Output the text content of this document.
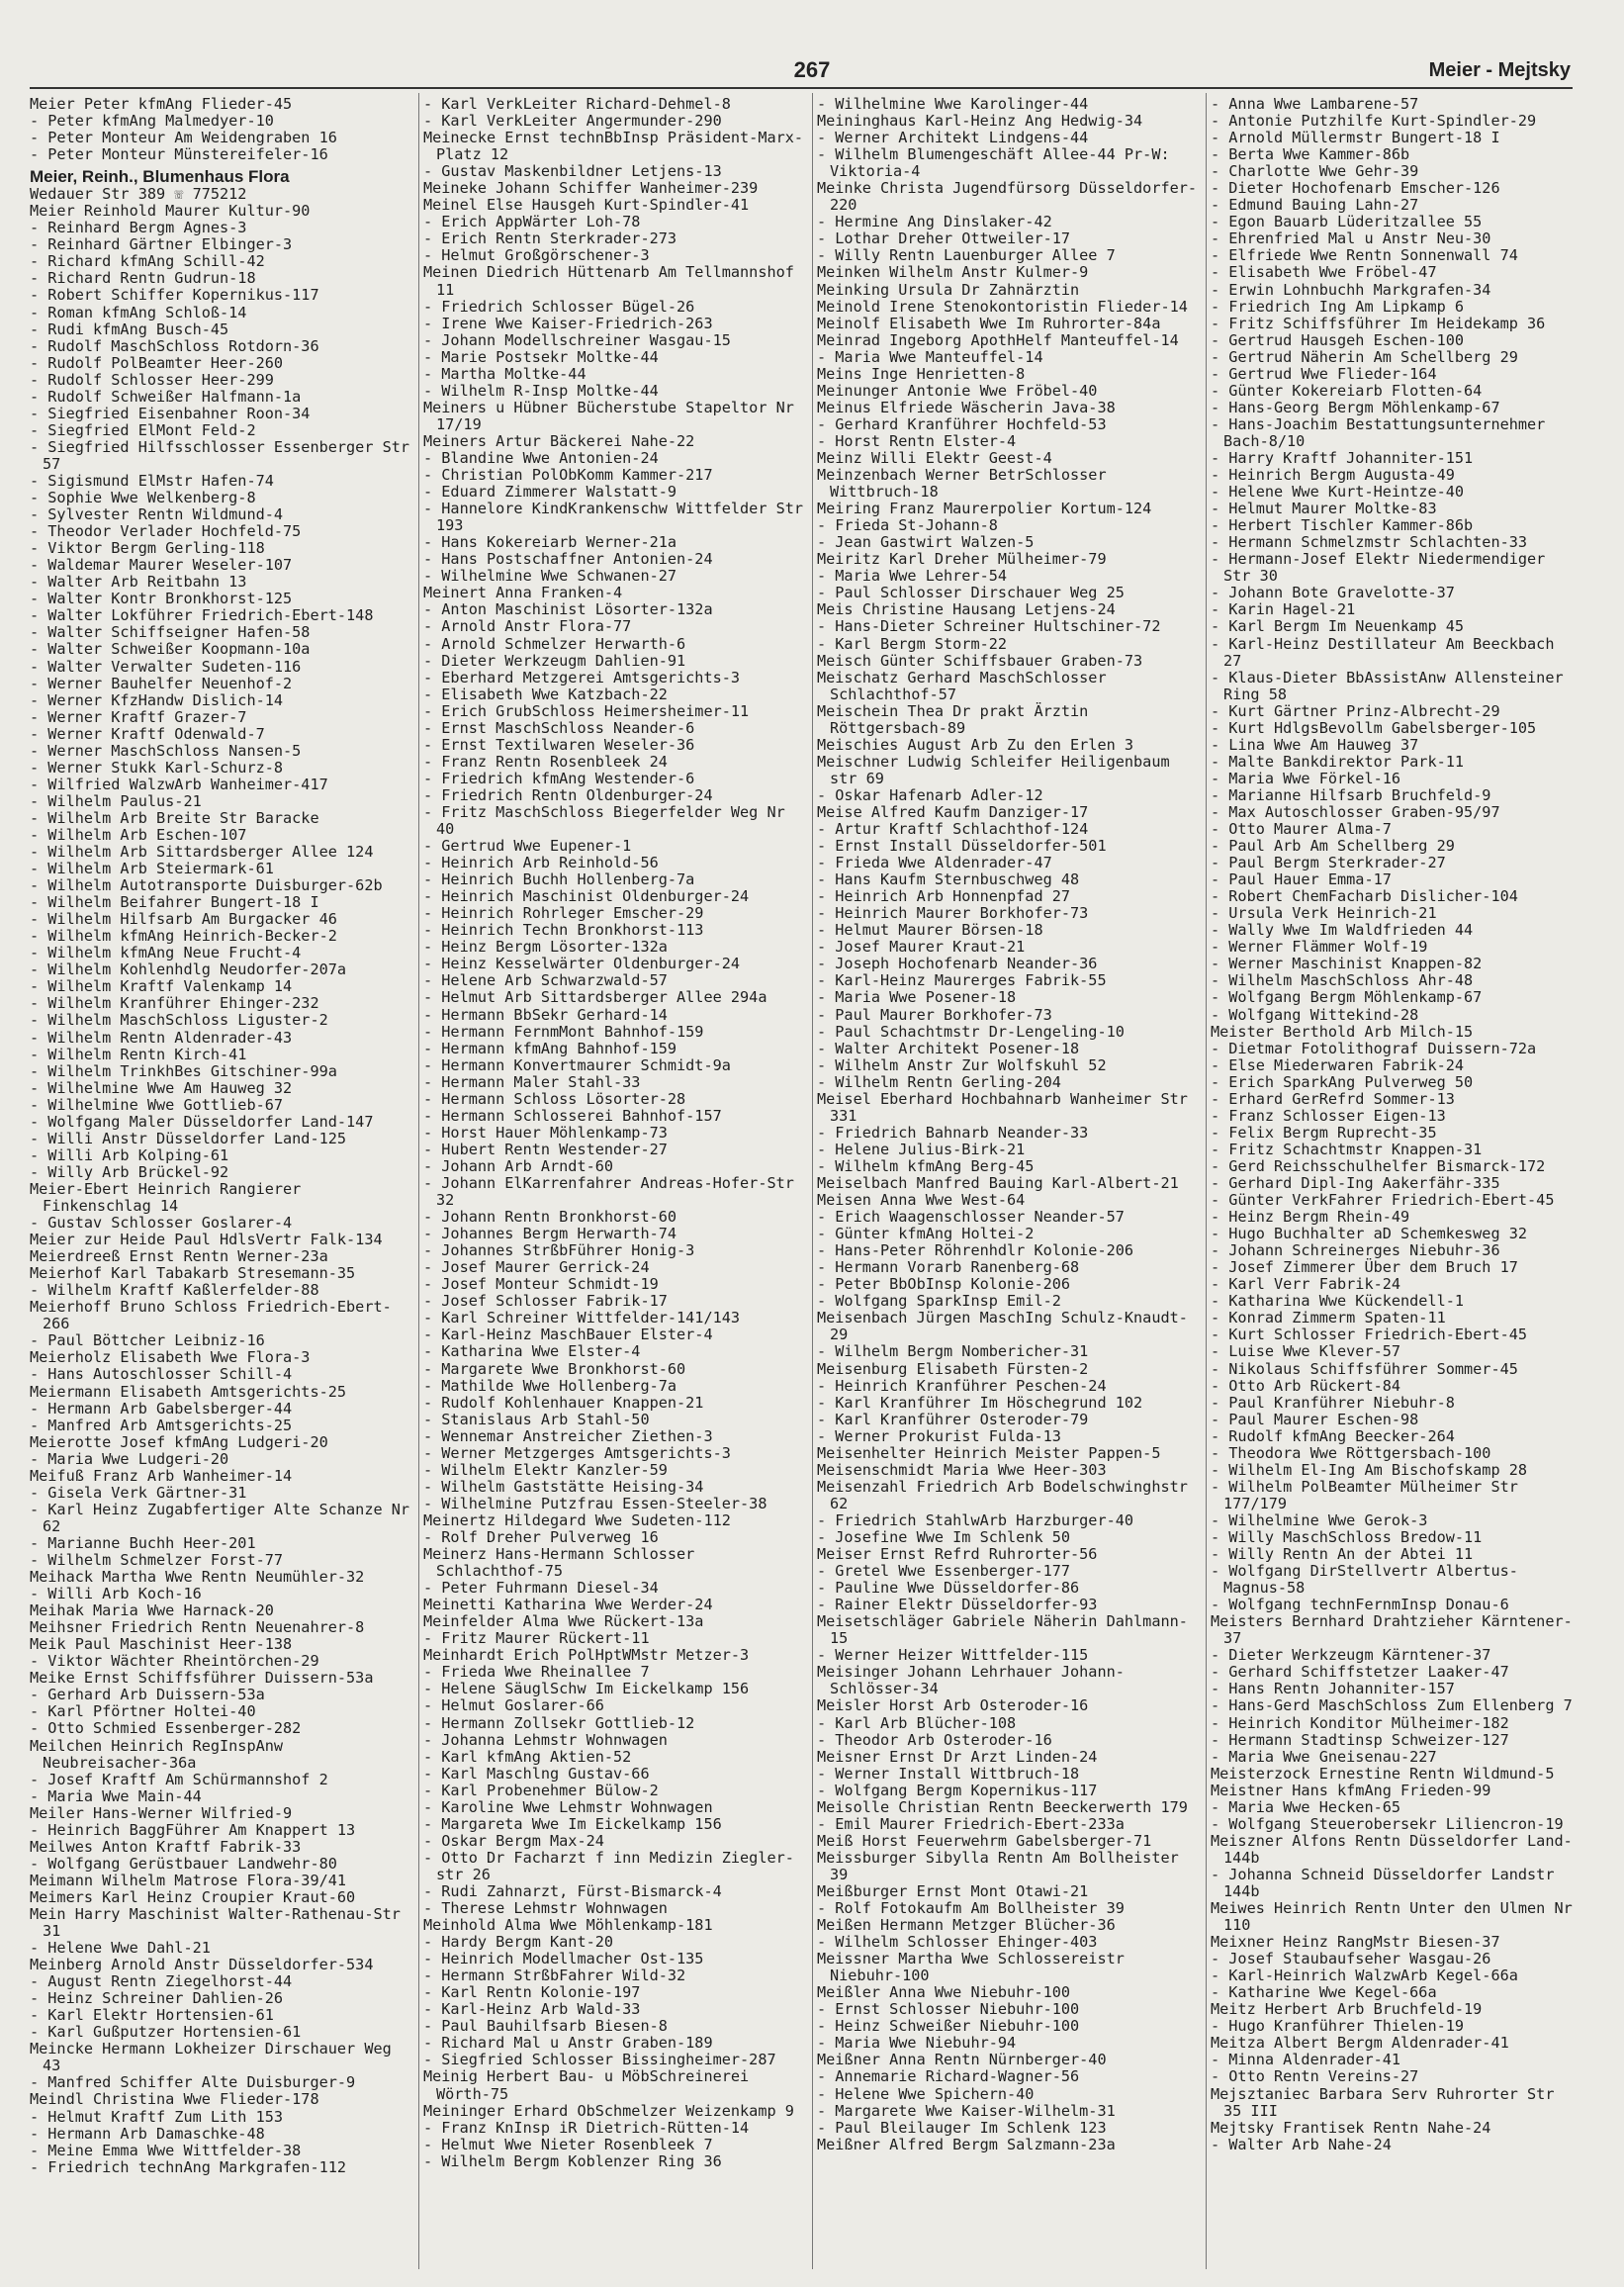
267	Meier - Mejtsky

Meier Peter kfmAng Flieder-45

- Peter kfmAng Malmedyer-10

- Peter Monteur Am Weidengraben 16

- Peter Monteur Münstereifeler-16

Meier, Reinh., Blumenhaus Flora

Wedauer Str 389 ☏ 775212

Meier Reinhold Maurer Kultur-90

- Reinhard Bergm Agnes-3

- Reinhard Gärtner Elbinger-3

- Richard kfmAng Schill-42

- Richard Rentn Gudrun-18

- Robert Schiffer Kopernikus-117

- Roman kfmAng Schloß-14

- Rudi kfmAng Busch-45

- Rudolf MaschSchloss Rotdorn-36

- Rudolf PolBeamter Heer-260

- Rudolf Schlosser Heer-299

- Rudolf Schweißer Halfmann-1a

- Siegfried Eisenbahner Roon-34

- Siegfried ElMont Feld-2

- Siegfried Hilfsschlosser Essenberger Str 57

- Sigismund ElMstr Hafen-74

- Sophie Wwe Welkenberg-8

- Sylvester Rentn Wildmund-4

- Theodor Verlader Hochfeld-75

- Viktor Bergm Gerling-118

- Waldemar Maurer Weseler-107

- Walter Arb Reitbahn 13

- Walter Kontr Bronkhorst-125

- Walter Lokführer Friedrich-Ebert-148

- Walter Schiffseigner Hafen-58

- Walter Schweißer Koopmann-10a

- Walter Verwalter Sudeten-116

- Werner Bauhelfer Neuenhof-2

- Werner KfzHandw Dislich-14

- Werner Kraftf Grazer-7

- Werner Kraftf Odenwald-7

- Werner MaschSchloss Nansen-5

- Werner Stukk Karl-Schurz-8

- Wilfried WalzwArb Wanheimer-417

- Wilhelm Paulus-21

- Wilhelm Arb Breite Str Baracke

- Wilhelm Arb Eschen-107

- Wilhelm Arb Sittardsberger Allee 124

- Wilhelm Arb Steiermark-61

- Wilhelm Autotransporte Duisburger-62b

- Wilhelm Beifahrer Bungert-18 I

- Wilhelm Hilfsarb Am Burgacker 46

- Wilhelm kfmAng Heinrich-Becker-2

- Wilhelm kfmAng Neue Frucht-4

- Wilhelm Kohlenhdlg Neudorfer-207a

- Wilhelm Kraftf Valenkamp 14

- Wilhelm Kranführer Ehinger-232

- Wilhelm MaschSchloss Liguster-2

- Wilhelm Rentn Aldenrader-43

- Wilhelm Rentn Kirch-41

- Wilhelm TrinkhBes Gitschiner-99a

- Wilhelmine Wwe Am Hauweg 32

- Wilhelmine Wwe Gottlieb-67

- Wolfgang Maler Düsseldorfer Land-147

- Willi Anstr Düsseldorfer Land-125

- Willi Arb Kolping-61

- Willy Arb Brückel-92

Meier-Ebert Heinrich Rangierer Finkenschlag 14

- Gustav Schlosser Goslarer-4

Meier zur Heide Paul HdlsVertr Falk-134

Meierdreeß Ernst Rentn Werner-23a

Meierhof Karl Tabakarb Stresemann-35

- Wilhelm Kraftf Kaßlerfelder-88

Meierhoff Bruno Schloss Friedrich-Ebert-266

- Paul Böttcher Leibniz-16

Meierholz Elisabeth Wwe Flora-3

- Hans Autoschlosser Schill-4

Meiermann Elisabeth Amtsgerichts-25

- Hermann Arb Gabelsberger-44

- Manfred Arb Amtsgerichts-25

Meierotte Josef kfmAng Ludgeri-20

- Maria Wwe Ludgeri-20

Meifuß Franz Arb Wanheimer-14

- Gisela Verk Gärtner-31

- Karl Heinz Zugabfertiger Alte Schanze Nr 62

- Marianne Buchh Heer-201

- Wilhelm Schmelzer Forst-77

Meihack Martha Wwe Rentn Neumühler-32

- Willi Arb Koch-16

Meihak Maria Wwe Harnack-20

Meihsner Friedrich Rentn Neuenahrer-8

Meik Paul Maschinist Heer-138

- Viktor Wächter Rheintörchen-29

Meike Ernst Schiffsführer Duissern-53a

- Gerhard Arb Duissern-53a

- Karl Pförtner Holtei-40

- Otto Schmied Essenberger-282

Meilchen Heinrich RegInspAnw Neubreisacher-36a

- Josef Kraftf Am Schürmannshof 2

- Maria Wwe Main-44

Meiler Hans-Werner Wilfried-9

- Heinrich BaggFührer Am Knappert 13

Meilwes Anton Kraftf Fabrik-33

- Wolfgang Gerüstbauer Landwehr-80

Meimann Wilhelm Matrose Flora-39/41

Meimers Karl Heinz Croupier Kraut-60

Mein Harry Maschinist Walter-Rathenau-Str 31

- Helene Wwe Dahl-21

Meinberg Arnold Anstr Düsseldorfer-534

- August Rentn Ziegelhorst-44

- Heinz Schreiner Dahlien-26

- Karl Elektr Hortensien-61

- Karl Gußputzer Hortensien-61

Meincke Hermann Lokheizer Dirschauer Weg 43

- Manfred Schiffer Alte Duisburger-9

Meindl Christina Wwe Flieder-178

- Helmut Kraftf Zum Lith 153

- Hermann Arb Damaschke-48

- Meine Emma Wwe Wittfelder-38

- Friedrich technAng Markgrafen-112

- Karl VerkLeiter Richard-Dehmel-8

- Karl VerkLeiter Angermunder-290

Meinecke Ernst technBbInsp Präsident-Marx-Platz 12

- Gustav Maskenbildner Letjens-13

Meineke Johann Schiffer Wanheimer-239

Meinel Else Hausgeh Kurt-Spindler-41

- Erich AppWärter Loh-78

- Erich Rentn Sterkrader-273

- Helmut Großgörschener-3

Meinen Diedrich Hüttenarb Am Tellmannshof 11

- Friedrich Schlosser Bügel-26

- Irene Wwe Kaiser-Friedrich-263

- Johann Modellschreiner Wasgau-15

- Marie Postsekr Moltke-44

- Martha Moltke-44

- Wilhelm R-Insp Moltke-44

Meiners u Hübner Bücherstube Stapeltor Nr 17/19

Meiners Artur Bäckerei Nahe-22

- Blandine Wwe Antonien-24

- Christian PolObKomm Kammer-217

- Eduard Zimmerer Walstatt-9

- Hannelore KindKrankenschw Wittfelder Str 193

- Hans Kokereiarb Werner-21a

- Hans Postschaffner Antonien-24

- Wilhelmine Wwe Schwanen-27

Meinert Anna Franken-4

- Anton Maschinist Lösorter-132a

- Arnold Anstr Flora-77

- Arnold Schmelzer Herwarth-6

- Dieter Werkzeugm Dahlien-91

- Eberhard Metzgerei Amtsgerichts-3

- Elisabeth Wwe Katzbach-22

- Erich GrubSchloss Heimersheimer-11

- Ernst MaschSchloss Neander-6

- Ernst Textilwaren Weseler-36

- Franz Rentn Rosenbleek 24

- Friedrich kfmAng Westender-6

- Friedrich Rentn Oldenburger-24

- Fritz MaschSchloss Biegerfelder Weg Nr 40

- Gertrud Wwe Eupener-1

- Heinrich Arb Reinhold-56

- Heinrich Buchh Hollenberg-7a

- Heinrich Maschinist Oldenburger-24

- Heinrich Rohrleger Emscher-29

- Heinrich Techn Bronkhorst-113

- Heinz Bergm Lösorter-132a

- Heinz Kesselwärter Oldenburger-24

- Helene Arb Schwarzwald-57

- Helmut Arb Sittardsberger Allee 294a

- Hermann BbSekr Gerhard-14

- Hermann FernmMont Bahnhof-159

- Hermann kfmAng Bahnhof-159

- Hermann Konvertmaurer Schmidt-9a

- Hermann Maler Stahl-33

- Hermann Schloss Lösorter-28

- Hermann Schlosserei Bahnhof-157

- Horst Hauer Möhlenkamp-73

- Hubert Rentn Westender-27

- Johann Arb Arndt-60

- Johann ElKarrenfahrer Andreas-Hofer-Str 32

- Johann Rentn Bronkhorst-60

- Johannes Bergm Herwarth-74

- Johannes StrßbFührer Honig-3

- Josef Maurer Gerrick-24

- Josef Monteur Schmidt-19

- Josef Schlosser Fabrik-17

- Karl Schreiner Wittfelder-141/143

- Karl-Heinz MaschBauer Elster-4

- Katharina Wwe Elster-4

- Margarete Wwe Bronkhorst-60

- Mathilde Wwe Hollenberg-7a

- Rudolf Kohlenhauer Knappen-21

- Stanislaus Arb Stahl-50

- Wennemar Anstreicher Ziethen-3

- Werner Metzgerges Amtsgerichts-3

- Wilhelm Elektr Kanzler-59

- Wilhelm Gaststätte Heising-34

- Wilhelmine Putzfrau Essen-Steeler-38

Meinertz Hildegard Wwe Sudeten-112

- Rolf Dreher Pulverweg 16

Meinerz Hans-Hermann Schlosser Schlachthof-75

- Peter Fuhrmann Diesel-34

Meinetti Katharina Wwe Werder-24

Meinfelder Alma Wwe Rückert-13a

- Fritz Maurer Rückert-11

Meinhardt Erich PolHptWMstr Metzer-3

- Frieda Wwe Rheinallee 7

- Helene SäuglSchw Im Eickelkamp 156

- Helmut Goslarer-66

- Hermann Zollsekr Gottlieb-12

- Johanna Lehmstr Wohnwagen

- Karl kfmAng Aktien-52

- Karl Maschlng Gustav-66

- Karl Probenehmer Bülow-2

- Karoline Wwe Lehmstr Wohnwagen

- Margareta Wwe Im Eickelkamp 156

- Oskar Bergm Max-24

- Otto Dr Facharzt f inn Medizin Ziegler-str 26

- Rudi Zahnarzt, Fürst-Bismarck-4

- Therese Lehmstr Wohnwagen

Meinhold Alma Wwe Möhlenkamp-181

- Hardy Bergm Kant-20

- Heinrich Modellmacher Ost-135

- Hermann StrßbFahrer Wild-32

- Karl Rentn Kolonie-197

- Karl-Heinz Arb Wald-33

- Paul Bauhilfsarb Biesen-8

- Richard Mal u Anstr Graben-189

- Siegfried Schlosser Bissingheimer-287

Meinig Herbert Bau- u MöbSchreinerei Wörth-75

Meininger Erhard ObSchmelzer Weizenkamp 9

- Franz KnInsp iR Dietrich-Rütten-14

- Helmut Wwe Nieter Rosenbleek 7

- Wilhelm Bergm Koblenzer Ring 36

- Wilhelmine Wwe Karolinger-44

Meininghaus Karl-Heinz Ang Hedwig-34

- Werner Architekt Lindgens-44

- Wilhelm Blumengeschäft Allee-44 Pr-W: Viktoria-4

Meinke Christa Jugendfürsorg Düsseldorfer-220

- Hermine Ang Dinslaker-42

- Lothar Dreher Ottweiler-17

- Willy Rentn Lauenburger Allee 7

Meinken Wilhelm Anstr Kulmer-9

Meinking Ursula Dr Zahnärztin

Meinold Irene Stenokontoristin Flieder-14

Meinolf Elisabeth Wwe Im Ruhrorter-84a

Meinrad Ingeborg ApothHelf Manteuffel-14

- Maria Wwe Manteuffel-14

Meins Inge Henrietten-8

Meinunger Antonie Wwe Fröbel-40

Meinus Elfriede Wäscherin Java-38

- Gerhard Kranführer Hochfeld-53

- Horst Rentn Elster-4

Meinz Willi Elektr Geest-4

Meinzenbach Werner BetrSchlosser Wittbruch-18

Meiring Franz Maurerpolier Kortum-124

- Frieda St-Johann-8

- Jean Gastwirt Walzen-5

Meiritz Karl Dreher Mülheimer-79

- Maria Wwe Lehrer-54

- Paul Schlosser Dirschauer Weg 25

Meis Christine Hausang Letjens-24

- Hans-Dieter Schreiner Hultschiner-72

- Karl Bergm Storm-22

Meisch Günter Schiffsbauer Graben-73

Meischatz Gerhard MaschSchlosser Schlachthof-57

Meischein Thea Dr prakt Ärztin Röttgersbach-89

Meischies August Arb Zu den Erlen 3

Meischner Ludwig Schleifer Heiligenbaum str 69

- Oskar Hafenarb Adler-12

Meise Alfred Kaufm Danziger-17

- Artur Kraftf Schlachthof-124

- Ernst Install Düsseldorfer-501

- Frieda Wwe Aldenrader-47

- Hans Kaufm Sternbuschweg 48

- Heinrich Arb Honnenpfad 27

- Heinrich Maurer Borkhofer-73

- Helmut Maurer Börsen-18

- Josef Maurer Kraut-21

- Joseph Hochofenarb Neander-36

- Karl-Heinz Maurerges Fabrik-55

- Maria Wwe Posener-18

- Paul Maurer Borkhofer-73

- Paul Schachtmstr Dr-Lengeling-10

- Walter Architekt Posener-18

- Wilhelm Anstr Zur Wolfskuhl 52

- Wilhelm Rentn Gerling-204

Meisel Eberhard Hochbahnarb Wanheimer Str 331

- Friedrich Bahnarb Neander-33

- Helene Julius-Birk-21

- Wilhelm kfmAng Berg-45

Meiselbach Manfred Bauing Karl-Albert-21

Meisen Anna Wwe West-64

- Erich Waagenschlosser Neander-57

- Günter kfmAng Holtei-2

- Hans-Peter Röhrenhdlr Kolonie-206

- Hermann Vorarb Ranenberg-68

- Peter BbObInsp Kolonie-206

- Wolfgang SparkInsp Emil-2

Meisenbach Jürgen MaschIng Schulz-Knaudt-29

- Wilhelm Bergm Nombericher-31

Meisenburg Elisabeth Fürsten-2

- Heinrich Kranführer Peschen-24

- Karl Kranführer Im Höschegrund 102

- Karl Kranführer Osteroder-79

- Werner Prokurist Fulda-13

Meisenhelter Heinrich Meister Pappen-5

Meisenschmidt Maria Wwe Heer-303

Meisenzahl Friedrich Arb Bodelschwinghstr 62

- Friedrich StahlwArb Harzburger-40

- Josefine Wwe Im Schlenk 50

Meiser Ernst Refrd Ruhrorter-56

- Gretel Wwe Essenberger-177

- Pauline Wwe Düsseldorfer-86

- Rainer Elektr Düsseldorfer-93

Meisetschläger Gabriele Näherin Dahlmann-15

- Werner Heizer Wittfelder-115

Meisinger Johann Lehrhauer Johann-Schlösser-34

Meisler Horst Arb Osteroder-16

- Karl Arb Blücher-108

- Theodor Arb Osteroder-16

Meisner Ernst Dr Arzt Linden-24

- Werner Install Wittbruch-18

- Wolfgang Bergm Kopernikus-117

Meisolle Christian Rentn Beeckerwerth 179

- Emil Maurer Friedrich-Ebert-233a

Meiß Horst Feuerwehrm Gabelsberger-71

Meissburger Sibylla Rentn Am Bollheister 39

Meißburger Ernst Mont Otawi-21

- Rolf Fotokaufm Am Bollheister 39

Meißen Hermann Metzger Blücher-36

- Wilhelm Schlosser Ehinger-403

Meissner Martha Wwe Schlossereistr Niebuhr-100

Meißler Anna Wwe Niebuhr-100

- Ernst Schlosser Niebuhr-100

- Heinz Schweißer Niebuhr-100

- Maria Wwe Niebuhr-94

Meißner Anna Rentn Nürnberger-40

- Annemarie Richard-Wagner-56

- Helene Wwe Spichern-40

- Margarete Wwe Kaiser-Wilhelm-31

- Paul Bleilauger Im Schlenk 123

Meißner Alfred Bergm Salzmann-23a

- Anna Wwe Lambarene-57

- Antonie Putzhilfe Kurt-Spindler-29

- Arnold Müllermstr Bungert-18 I

- Berta Wwe Kammer-86b

- Charlotte Wwe Gehr-39

- Dieter Hochofenarb Emscher-126

- Edmund Bauing Lahn-27

- Egon Bauarb Lüderitzallee 55

- Ehrenfried Mal u Anstr Neu-30

- Elfriede Wwe Rentn Sonnenwall 74

- Elisabeth Wwe Fröbel-47

- Erwin Lohnbuchh Markgrafen-34

- Friedrich Ing Am Lipkamp 6

- Fritz Schiffsführer Im Heidekamp 36

- Gertrud Hausgeh Eschen-100

- Gertrud Näherin Am Schellberg 29

- Gertrud Wwe Flieder-164

- Günter Kokereiarb Flotten-64

- Hans-Georg Bergm Möhlenkamp-67

- Hans-Joachim Bestattungsunternehmer Bach-8/10

- Harry Kraftf Johanniter-151

- Heinrich Bergm Augusta-49

- Helene Wwe Kurt-Heintze-40

- Helmut Maurer Moltke-83

- Herbert Tischler Kammer-86b

- Hermann Schmelzmstr Schlachten-33

- Hermann-Josef Elektr Niedermendiger Str 30

- Johann Bote Gravelotte-37

- Karin Hagel-21

- Karl Bergm Im Neuenkamp 45

- Karl-Heinz Destillateur Am Beeckbach 27

- Klaus-Dieter BbAssistAnw Allensteiner Ring 58

- Kurt Gärtner Prinz-Albrecht-29

- Kurt HdlgsBevollm Gabelsberger-105

- Lina Wwe Am Hauweg 37

- Malte Bankdirektor Park-11

- Maria Wwe Förkel-16

- Marianne Hilfsarb Bruchfeld-9

- Max Autoschlosser Graben-95/97

- Otto Maurer Alma-7

- Paul Arb Am Schellberg 29

- Paul Bergm Sterkrader-27

- Paul Hauer Emma-17

- Robert ChemFacharb Dislicher-104

- Ursula Verk Heinrich-21

- Wally Wwe Im Waldfrieden 44

- Werner Flämmer Wolf-19

- Werner Maschinist Knappen-82

- Wilhelm MaschSchloss Ahr-48

- Wolfgang Bergm Möhlenkamp-67

- Wolfgang Wittekind-28

Meister Berthold Arb Milch-15

- Dietmar Fotolithograf Duissern-72a

- Else Miederwaren Fabrik-24

- Erich SparkAng Pulverweg 50

- Erhard GerRefrd Sommer-13

- Franz Schlosser Eigen-13

- Felix Bergm Ruprecht-35

- Fritz Schachtmstr Knappen-31

- Gerd Reichsschulhelfer Bismarck-172

- Gerhard Dipl-Ing Aakerfähr-335

- Günter VerkFahrer Friedrich-Ebert-45

- Heinz Bergm Rhein-49

- Hugo Buchhalter aD Schemkesweg 32

- Johann Schreinerges Niebuhr-36

- Josef Zimmerer Über dem Bruch 17

- Karl Verr Fabrik-24

- Katharina Wwe Kückendell-1

- Konrad Zimmerm Spaten-11

- Kurt Schlosser Friedrich-Ebert-45

- Luise Wwe Klever-57

- Nikolaus Schiffsführer Sommer-45

- Otto Arb Rückert-84

- Paul Kranführer Niebuhr-8

- Paul Maurer Eschen-98

- Rudolf kfmAng Beecker-264

- Theodora Wwe Röttgersbach-100

- Wilhelm El-Ing Am Bischofskamp 28

- Wilhelm PolBeamter Mülheimer Str 177/179

- Wilhelmine Wwe Gerok-3

- Willy MaschSchloss Bredow-11

- Willy Rentn An der Abtei 11

- Wolfgang DirStellvertr Albertus-Magnus-58

- Wolfgang technFernmInsp Donau-6

Meisters Bernhard Drahtzieher Kärntener-37

- Dieter Werkzeugm Kärntener-37

- Gerhard Schiffstetzer Laaker-47

- Hans Rentn Johanniter-157

- Hans-Gerd MaschSchloss Zum Ellenberg 7

- Heinrich Konditor Mülheimer-182

- Hermann Stadtinsp Schweizer-127

- Maria Wwe Gneisenau-227

Meisterzock Ernestine Rentn Wildmund-5

Meistner Hans kfmAng Frieden-99

- Maria Wwe Hecken-65

- Wolfgang Steuerobersekr Liliencron-19

Meiszner Alfons Rentn Düsseldorfer Land-144b

- Johanna Schneid Düsseldorfer Landstr 144b

Meiwes Heinrich Rentn Unter den Ulmen Nr 110

Meixner Heinz RangMstr Biesen-37

- Josef Staubaufseher Wasgau-26

- Karl-Heinrich WalzwArb Kegel-66a

- Katharine Wwe Kegel-66a

Meitz Herbert Arb Bruchfeld-19

- Hugo Kranführer Thielen-19

Meitza Albert Bergm Aldenrader-41

- Minna Aldenrader-41

- Otto Rentn Vereins-27

Mejsztaniec Barbara Serv Ruhrorter Str 35 III

Mejtsky Frantisek Rentn Nahe-24

- Walter Arb Nahe-24
